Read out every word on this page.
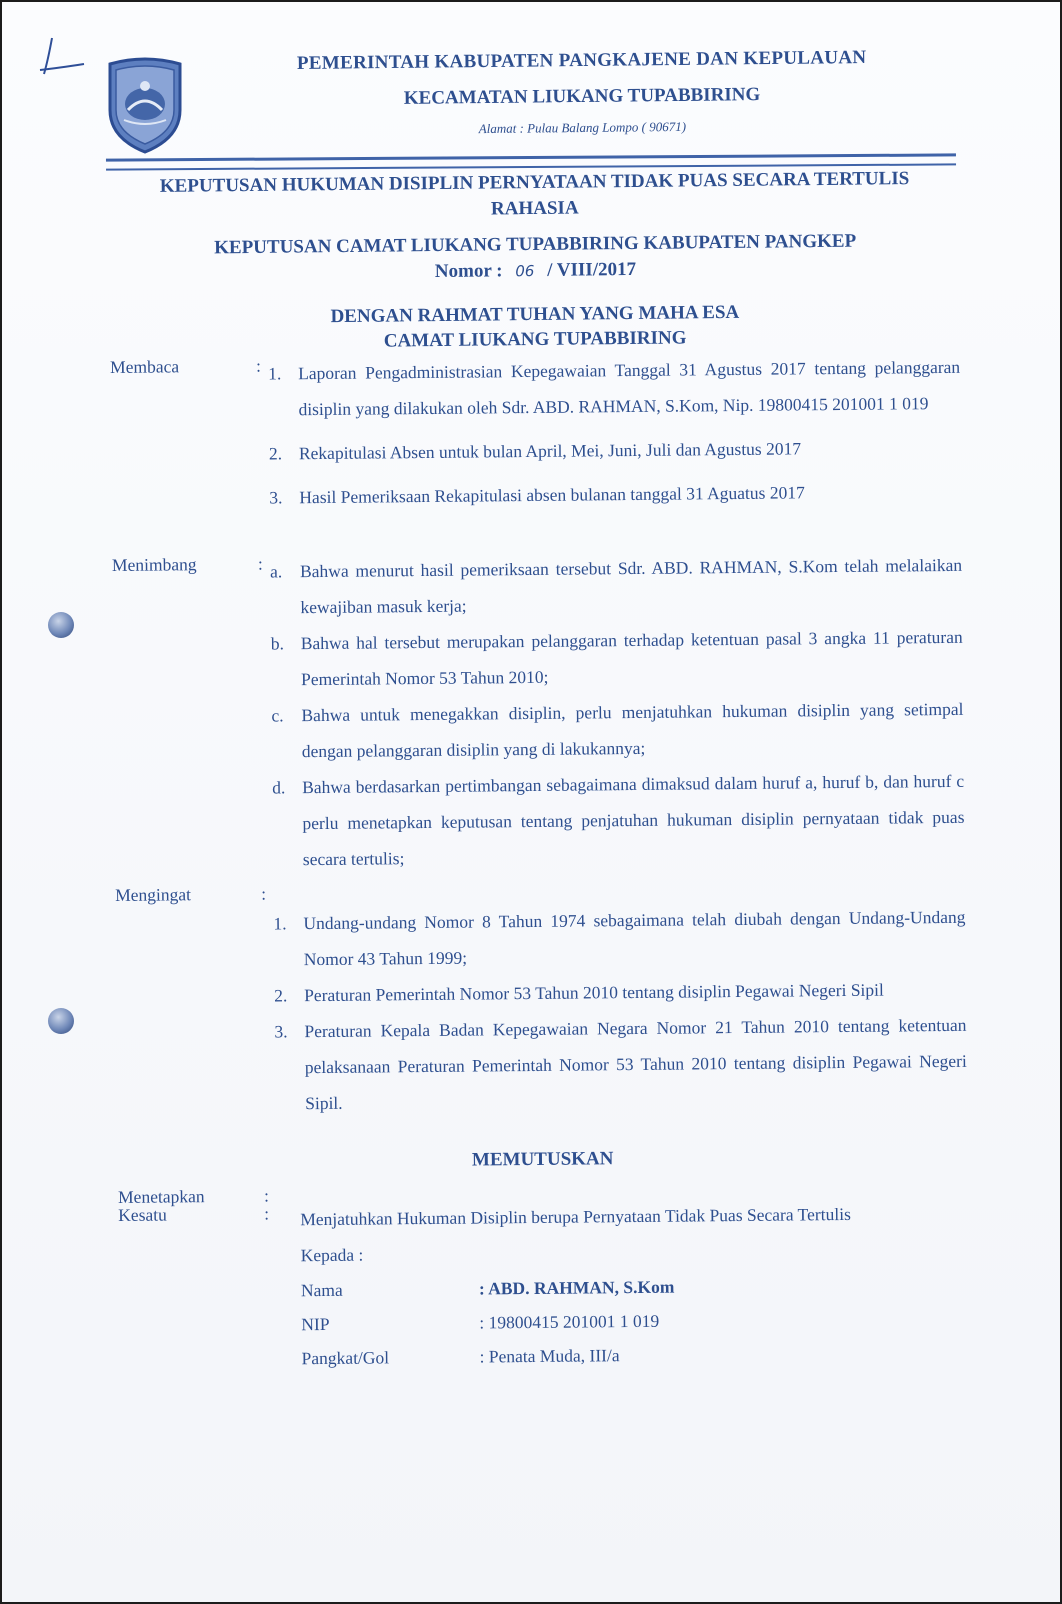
PEMERINTAH KABUPATEN PANGKAJENE DAN KEPULAUAN
KECAMATAN LIUKANG TUPABBIRING
Alamat : Pulau Balang Lompo ( 90671)
KEPUTUSAN HUKUMAN DISIPLIN PERNYATAAN TIDAK PUAS SECARA TERTULIS
RAHASIA
KEPUTUSAN CAMAT LIUKANG TUPABBIRING KABUPATEN PANGKEP
Nomor : 06 / VIII/2017
DENGAN RAHMAT TUHAN YANG MAHA ESA
CAMAT LIUKANG TUPABBIRING
Membaca	: 1. Laporan Pengadministrasian Kepegawaian Tanggal 31 Agustus 2017 tentang pelanggaran disiplin yang dilakukan oleh Sdr. ABD. RAHMAN, S.Kom, Nip. 19800415 201001 1 019
2. Rekapitulasi Absen untuk bulan April, Mei, Juni, Juli dan Agustus 2017
3. Hasil Pemeriksaan Rekapitulasi absen bulanan tanggal 31 Aguatus 2017
Menimbang	: a.	Bahwa menurut hasil pemeriksaan tersebut Sdr. ABD. RAHMAN, S.Kom telah melalaikan kewajiban masuk kerja;
b. Bahwa hal tersebut merupakan pelanggaran terhadap ketentuan pasal 3 angka 11 peraturan Pemerintah Nomor 53 Tahun 2010;
c.	Bahwa untuk menegakkan disiplin, perlu menjatuhkan hukuman disiplin yang setimpal dengan pelanggaran disiplin yang di lakukannya;
d. Bahwa berdasarkan pertimbangan sebagaimana dimaksud dalam huruf a, huruf b, dan huruf c perlu menetapkan keputusan tentang penjatuhan hukuman disiplin pernyataan tidak puas secara tertulis;
Mengingat	:
1. Undang-undang Nomor 8 Tahun 1974 sebagaimana telah diubah dengan Undang-Undang Nomor 43 Tahun 1999;
2. Peraturan Pemerintah Nomor 53 Tahun 2010 tentang disiplin Pegawai Negeri Sipil
3. Peraturan Kepala Badan Kepegawaian Negara Nomor 21 Tahun 2010 tentang ketentuan pelaksanaan Peraturan Pemerintah Nomor 53 Tahun 2010 tentang disiplin Pegawai Negeri Sipil.
MEMUTUSKAN
Menetapkan	:
Kesatu	: Menjatuhkan Hukuman Disiplin berupa Pernyataan Tidak Puas Secara Tertulis Kepada :
Nama	: ABD. RAHMAN, S.Kom
NIP	: 19800415 201001 1 019
Pangkat/Gol	: Penata Muda, III/a
